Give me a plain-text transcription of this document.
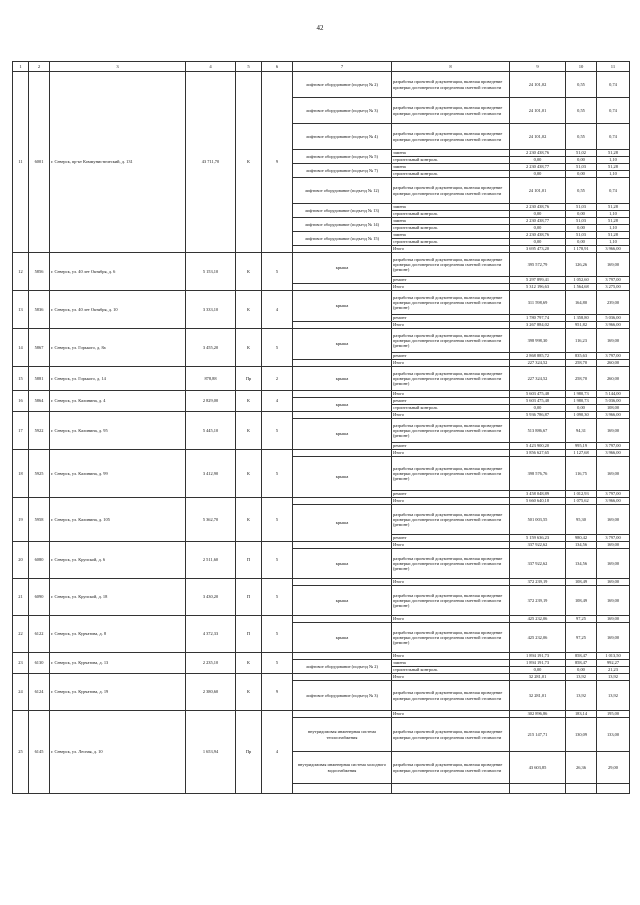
42
1	2	3	4	5	6	7	8	9	10	11
11	6001	г. Северск, пр-кт Коммунистический, д. 131	43 711,70	К	9	лифтовое оборудование (подъезд № 2)	разработка проектной документации, включая проведение проверки достоверности определения сметной стоимости	24 101,02	0,55	0,74
						лифтовое оборудование (подъезд № 3)	разработка проектной документации, включая проведение проверки достоверности определения сметной стоимости	24 101,01	0,55	0,74
						лифтовое оборудование (подъезд № 4)	разработка проектной документации, включая проведение проверки достоверности определения сметной стоимости	24 101,02	0,55	0,74
						лифтовое оборудование (подъезд № 5)	замена	2 230 438,76	51,02	51,28
							строительный контроль	0,00	0,00	1,10
						лифтовое оборудование (подъезд № 7)	замена	2 230 438,77	51,03	51,28
							строительный контроль	0,00	0,00	1,10
						лифтовое оборудование (подъезд № 12)	разработка проектной документации, включая проведение проверки достоверности определения сметной стоимости	24 101,01	0,55	0,74
						лифтовое оборудование (подъезд № 13)	замена	2 230 438,76	51,03	51,28
							строительный контроль	0,00	0,00	1,10
						лифтовое оборудование (подъезд № 14)	замена	2 230 438,77	51,03	51,28
							строительный контроль	0,00	0,00	1,10
						лифтовое оборудование (подъезд № 15)	замена	2 230 438,76	51,03	51,28
							строительный контроль	0,00	0,00	1,10
							Итого	3 695 473,20	1 178,91	3 966,00
12	5856	г. Северск, ул. 40 лет Октября, д. 6	5 153,10	К	5	крыша	разработка проектной документации, включая проведение проверки достоверности определения сметной стоимости (ремонт)	395 572,79	126,26	169,00
							ремонт	5 297 899,41	1 052,60	3 797,00
							Итого	5 312 196,63	1 564,68	3 275,00
13	5836	г. Северск, ул. 40 лет Октября, д. 10	3 333,10	К	4	крыша	разработка проектной документации, включая проведение проверки достоверности определения сметной стоимости (ремонт)	311 598,69	164,80	239,00
							ремонт	1 780 797,74	1 358,80	5 036,00
							Итого	3 267 884,02	951,82	3 966,00
14	5867	г. Северск, ул. Горького, д. 8а	3 455,20	К	5	крыша	разработка проектной документации, включая проведение проверки достоверности определения сметной стоимости (ремонт)	398 998,30	116,23	169,00
							ремонт	2 868 885,72	835,63	3 797,00
							Итого	227 324,52	258,70	260,00
15	5881	г. Северск, ул. Горького, д. 14	878,88	Пр	2	крыша	разработка проектной документации, включая проведение проверки достоверности определения сметной стоимости (ремонт)	227 324,52	258,70	260,00
16	5864	г. Северск, ул. Калинина, д. 4	2 829,00	К	4		Итого	5 603 475,48	1 980,73	5 144,00
						крыша	ремонт	5 603 475,48	1 980,73	5 036,00
							строительный контроль	0,00	0,00	108,00
17	5922	г. Северск, ул. Калинина, д. 95	5 445,10	К	5		Итого	5 936 786,87	1 090,30	3 966,00
						крыша	разработка проектной документации, включая проведение проверки достоверности определения сметной стоимости (ремонт)	513 886,67	94,31	169,00
							ремонт	5 423 900,20	995,19	3 797,00
18	5925	г. Северск, ул. Калинина, д. 99	3 412,90	К	5		Итого	3 856 627,65	1 127,68	3 966,00
						крыша	разработка проектной документации, включая проведение проверки достоверности определения сметной стоимости (ремонт)	398 576,76	116,75	169,00
							ремонт	3 458 048,89	1 012,93	3 797,00
19	5958	г. Северск, ул. Калинина, д. 105	5 362,70	К	5		Итого	5 660 640,18	1 075,62	3 966,00
						крыша	разработка проектной документации, включая проведение проверки достоверности определения сметной стоимости (ремонт)	501 003,55	95,30	169,00
							ремонт	5 159 636,23	980,42	3 797,00
20	6080	г. Северск, ул. Крупской, д. 6	2 511,60	П	5		Итого	337 922,62	134,56	169,00
						крыша	разработка проектной документации, включая проведение проверки достоверности определения сметной стоимости (ремонт)	337 922,62	134,56	169,00
21	6090	г. Северск, ул. Крупской, д. 18	3 430,20	П	5		Итого	372 239,19	108,49	169,00
						крыша	разработка проектной документации, включая проведение проверки достоверности определения сметной стоимости (ремонт)	372 239,19	108,49	169,00
22	6122	г. Северск, ул. Курчатова, д. 8	4 372,33	П	5		Итого	425 232,06	97,25	169,00
						крыша	разработка проектной документации, включая проведение проверки достоверности определения сметной стоимости (ремонт)	425 232,06	97,25	169,00
23	6130	г. Северск, ул. Курчатова, д. 13	2 235,10	К	5		Итого	1 894 191,73	858,47	1 013,50
						лифтовое оборудование (подъезд № 2)	замена	1 894 191,73	858,47	992,27
							строительный контроль	0,00	0,00	21,23
24	6124	г. Северск, ул. Курчатова, д. 19	2 380,60	К	9		Итого	32 281,01	13,92	13,92
						лифтовое оборудование (подъезд № 3)	разработка проектной документации, включая проведение проверки достоверности определения сметной стоимости	32 281,01	13,92	13,92
25	6145	г. Северск, ул. Лесная, д. 10	1 653,94	Пр	4		Итого	302 896,86	183,14	195,00
						внутридомовая инженерная система теплоснабжения	разработка проектной документации, включая проведение проверки достоверности определения сметной стоимости	215 147,71	130,09	133,00
						внутридомовая инженерная система холодного водоснабжения	разработка проектной документации, включая проведение проверки достоверности определения сметной стоимости	43 603,85	26,36	29,00
